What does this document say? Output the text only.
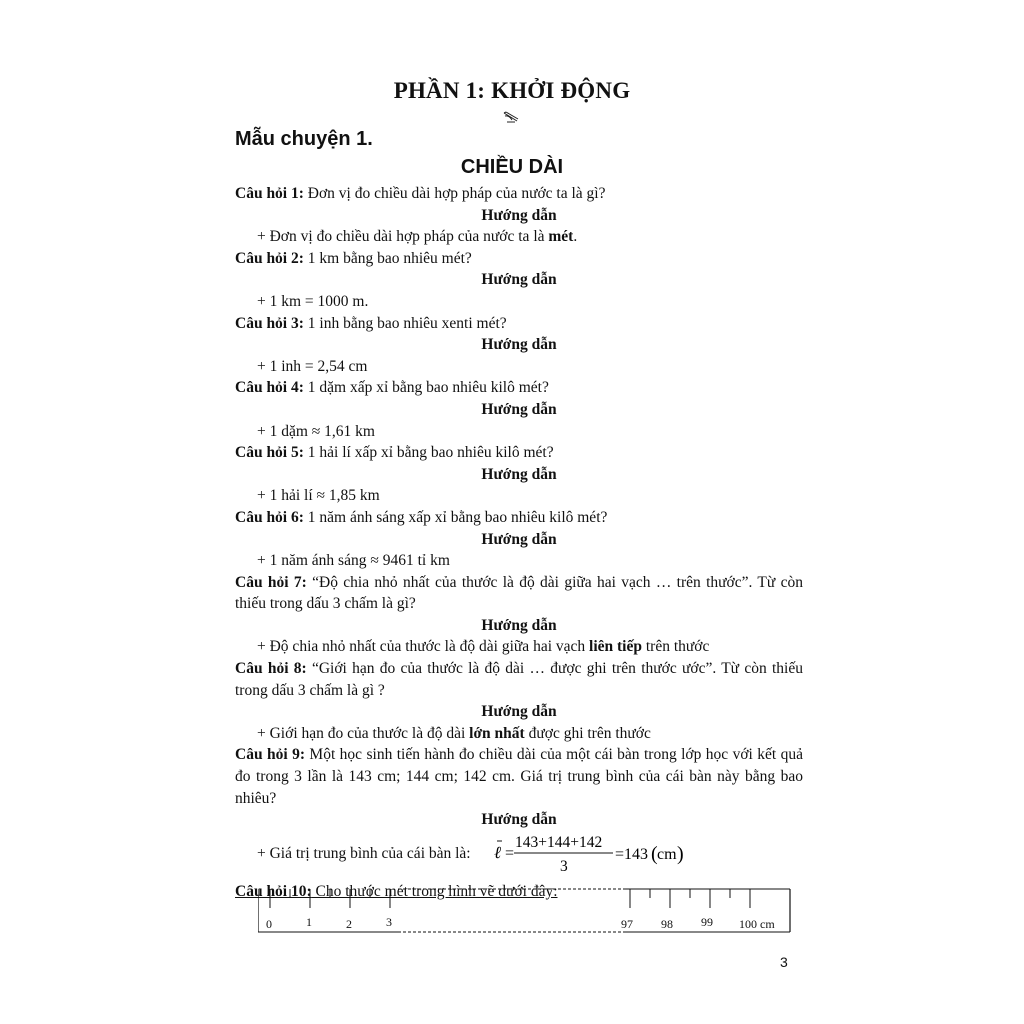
PHẦN 1: KHỞI ĐỘNG
Mẫu chuyện 1.
CHIỀU DÀI
Câu hỏi 1: Đơn vị đo chiều dài hợp pháp của nước ta là gì?
Hướng dẫn
+ Đơn vị đo chiều dài hợp pháp của nước ta là mét.
Câu hỏi 2: 1 km bằng bao nhiêu mét?
Hướng dẫn
+ 1 km = 1000 m.
Câu hỏi 3: 1 inh bằng bao nhiêu xenti mét?
Hướng dẫn
+ 1 inh = 2,54 cm
Câu hỏi 4: 1 dặm xấp xỉ bằng bao nhiêu kilô mét?
Hướng dẫn
+ 1 dặm ≈ 1,61 km
Câu hỏi 5: 1 hải lí xấp xỉ bằng bao nhiêu kilô mét?
Hướng dẫn
+ 1 hải lí ≈ 1,85 km
Câu hỏi 6: 1 năm ánh sáng xấp xỉ bằng bao nhiêu kilô mét?
Hướng dẫn
+ 1 năm ánh sáng ≈ 9461 tỉ km
Câu hỏi 7: “Độ chia nhỏ nhất của thước là độ dài giữa hai vạch … trên thước”. Từ còn thiếu trong dấu 3 chấm là gì?
Hướng dẫn
+ Độ chia nhỏ nhất của thước là độ dài giữa hai vạch liên tiếp trên thước
Câu hỏi 8: “Giới hạn đo của thước là độ dài … được ghi trên thước ước”. Từ còn thiếu trong dấu 3 chấm là gì ?
Hướng dẫn
+ Giới hạn đo của thước là độ dài lớn nhất được ghi trên thước
Câu hỏi 9: Một học sinh tiến hành đo chiều dài của một cái bàn trong lớp học với kết quả đo trong 3 lần là 143 cm; 144 cm; 142 cm. Giá trị trung bình của cái bàn này bằng bao nhiêu?
Hướng dẫn
+ Giá trị trung bình của cái bàn là: ℓ =
143+144+142
3
=143 ( cm )
Câu hỏi 10: Cho thước mét trong hình vẽ dưới đây:
0	1	2	3	97 98 99 100 cm
3
